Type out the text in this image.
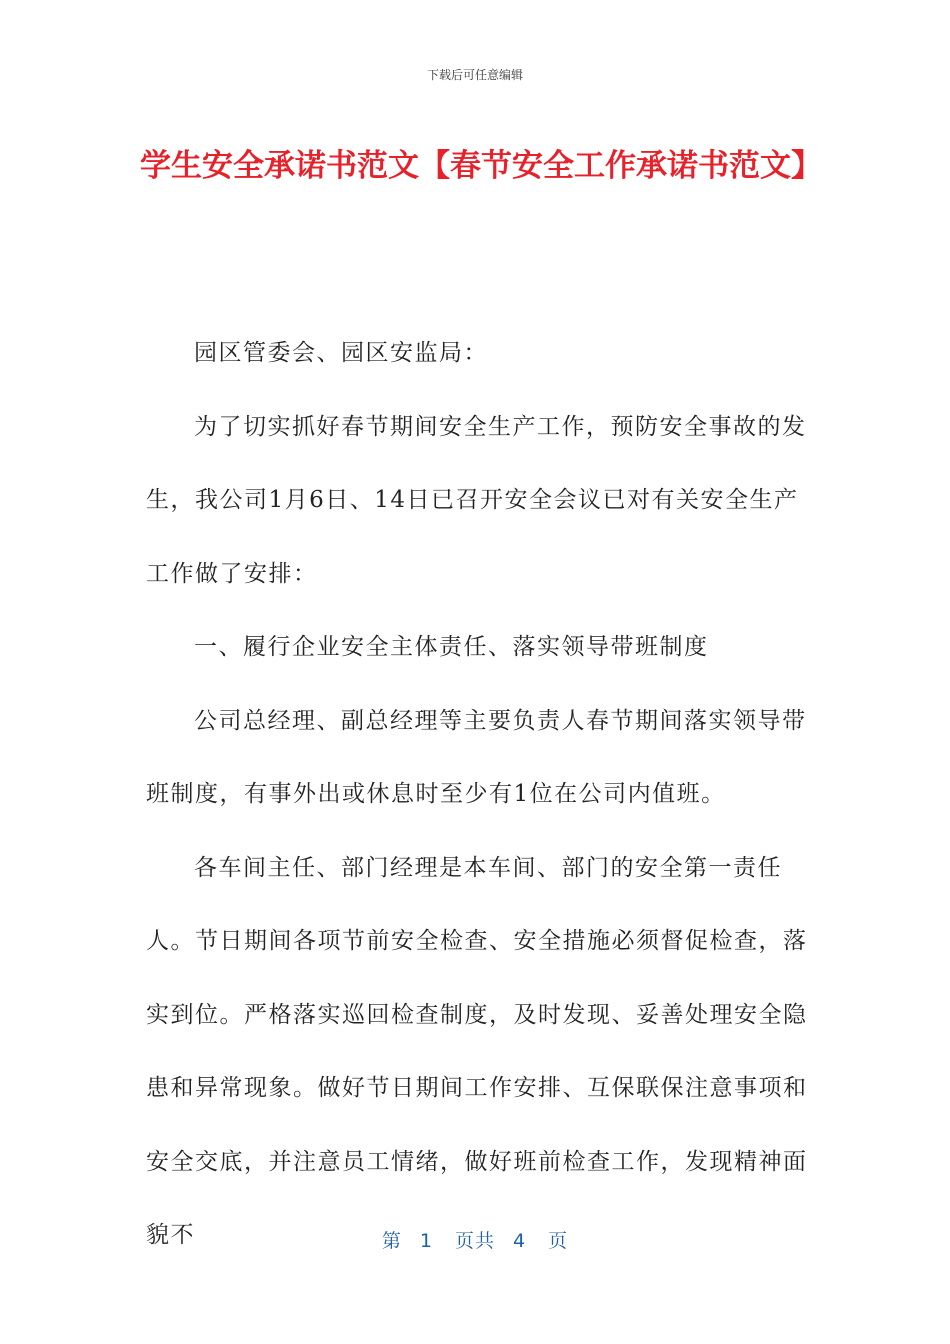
下载后可任意编辑
学生安全承诺书范文【春节安全工作承诺书范文】

园区管委会、园区安监局：

为了切实抓好春节期间安全生产工作，预防安全事故的发生，我公司1月6日、14日已召开安全会议已对有关安全生产工作做了安排：

一、履行企业安全主体责任、落实领导带班制度

公司总经理、副总经理等主要负责人春节期间落实领导带班制度，有事外出或休息时至少有1位在公司内值班。

各车间主任、部门经理是本车间、部门的安全第一责任人。节日期间各项节前安全检查、安全措施必须督促检查，落实到位。严格落实巡回检查制度，及时发现、妥善处理安全隐患和异常现象。做好节日期间工作安排、互保联保注意事项和安全交底，并注意员工情绪，做好班前检查工作，发现精神面貌不	第 1 页共 4 页
